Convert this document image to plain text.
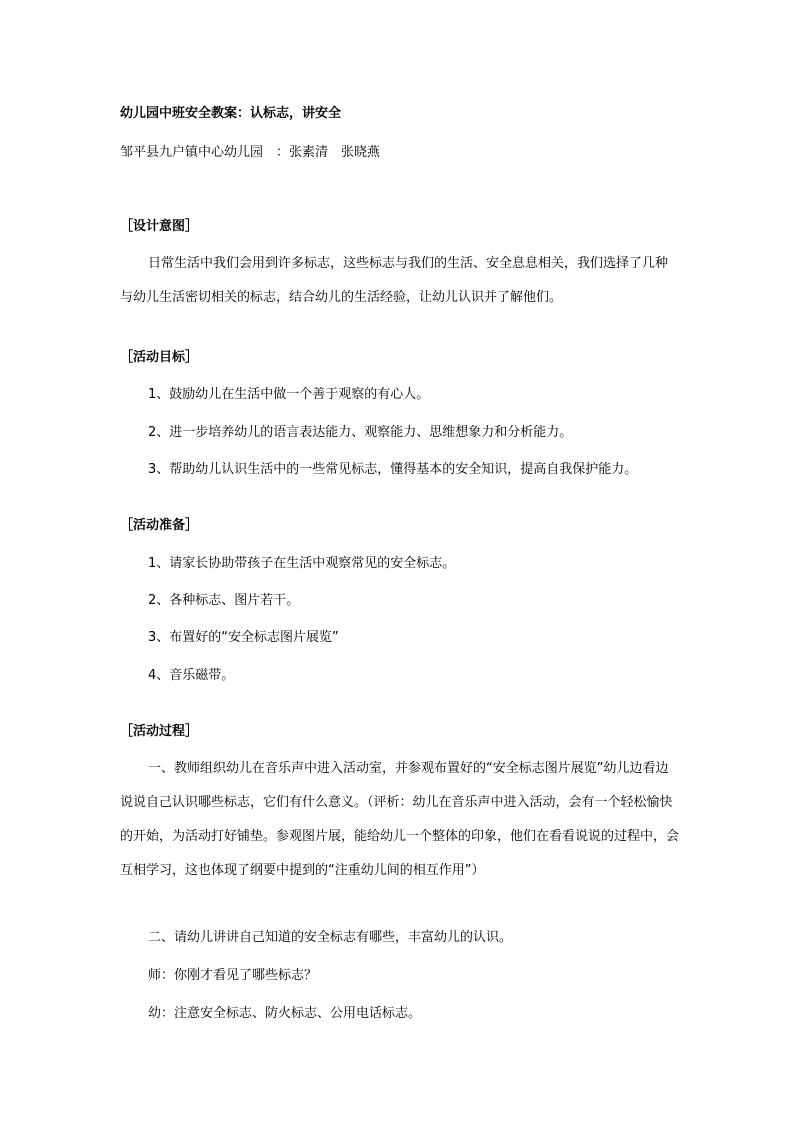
幼儿园中班安全教案：认标志，讲安全
邹平县九户镇中心幼儿园　：张素清　张晓燕
［设计意图］
日常生活中我们会用到许多标志，这些标志与我们的生活、安全息息相关，我们选择了几种与幼儿生活密切相关的标志，结合幼儿的生活经验，让幼儿认识并了解他们。
［活动目标］
1、鼓励幼儿在生活中做一个善于观察的有心人。
2、进一步培养幼儿的语言表达能力、观察能力、思维想象力和分析能力。
3、帮助幼儿认识生活中的一些常见标志，懂得基本的安全知识，提高自我保护能力。
［活动准备］
1、请家长协助带孩子在生活中观察常见的安全标志。
2、各种标志、图片若干。
3、布置好的“安全标志图片展览”
4、音乐磁带。
［活动过程］
一、教师组织幼儿在音乐声中进入活动室，并参观布置好的“安全标志图片展览”幼儿边看边说说自己认识哪些标志，它们有什么意义。（评析：幼儿在音乐声中进入活动，会有一个轻松愉快的开始，为活动打好铺垫。参观图片展，能给幼儿一个整体的印象，他们在看看说说的过程中，会互相学习，这也体现了纲要中提到的“注重幼儿间的相互作用”）
二、请幼儿讲讲自己知道的安全标志有哪些，丰富幼儿的认识。
师：你刚才看见了哪些标志？
幼：注意安全标志、防火标志、公用电话标志。
